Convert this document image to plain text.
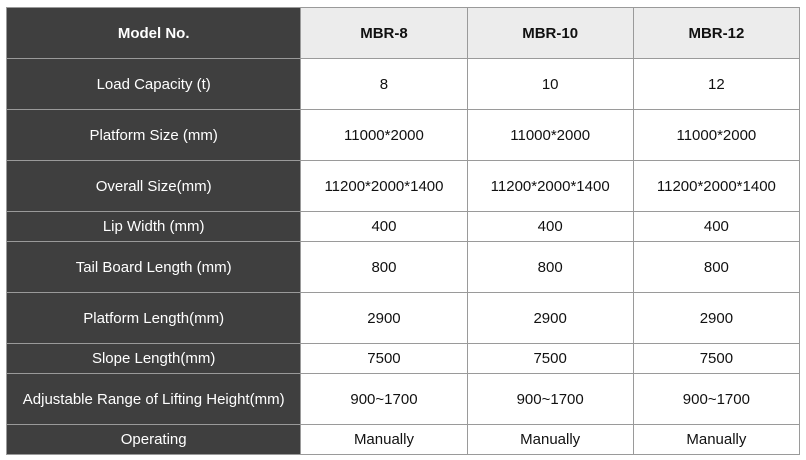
Model No.	MBR-8	MBR-10	MBR-12
Load Capacity (t)	8	10	12
Platform Size (mm)	11000*2000	11000*2000	11000*2000
Overall Size(mm)	11200*2000*1400	11200*2000*1400	11200*2000*1400
Lip Width (mm)	400	400	400
Tail Board Length (mm)	800	800	800
Platform Length(mm)	2900	2900	2900
Slope Length(mm)	7500	7500	7500
Adjustable Range of Lifting Height(mm)	900~1700	900~1700	900~1700
Operating	Manually	Manually	Manually
